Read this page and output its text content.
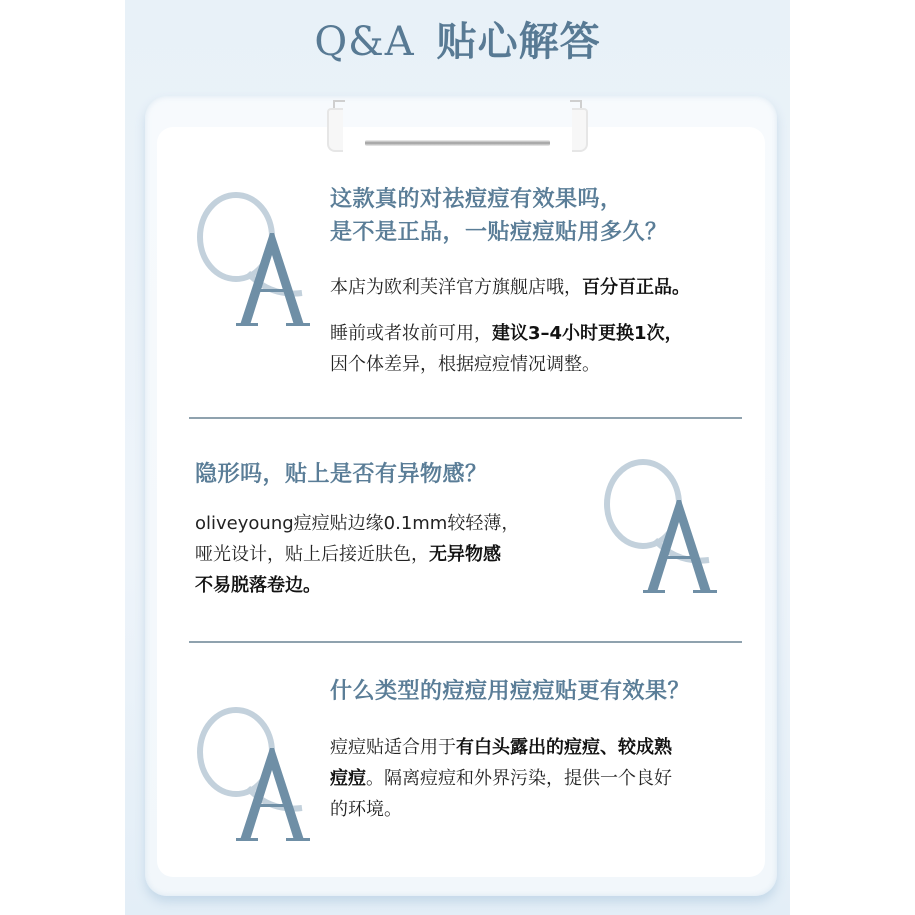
Q&A 贴心解答
这款真的对祛痘痘有效果吗，
是不是正品，一贴痘痘贴用多久？
本店为欧利芙洋官方旗舰店哦，百分百正品。
睡前或者妆前可用，建议3–4小时更换1次，
因个体差异，根据痘痘情况调整。
隐形吗，贴上是否有异物感？
oliveyoung痘痘贴边缘0.1mm较轻薄，
哑光设计，贴上后接近肤色，无异物感
不易脱落卷边。
什么类型的痘痘用痘痘贴更有效果？
痘痘贴适合用于有白头露出的痘痘、较成熟
痘痘。隔离痘痘和外界污染，提供一个良好
的环境。
